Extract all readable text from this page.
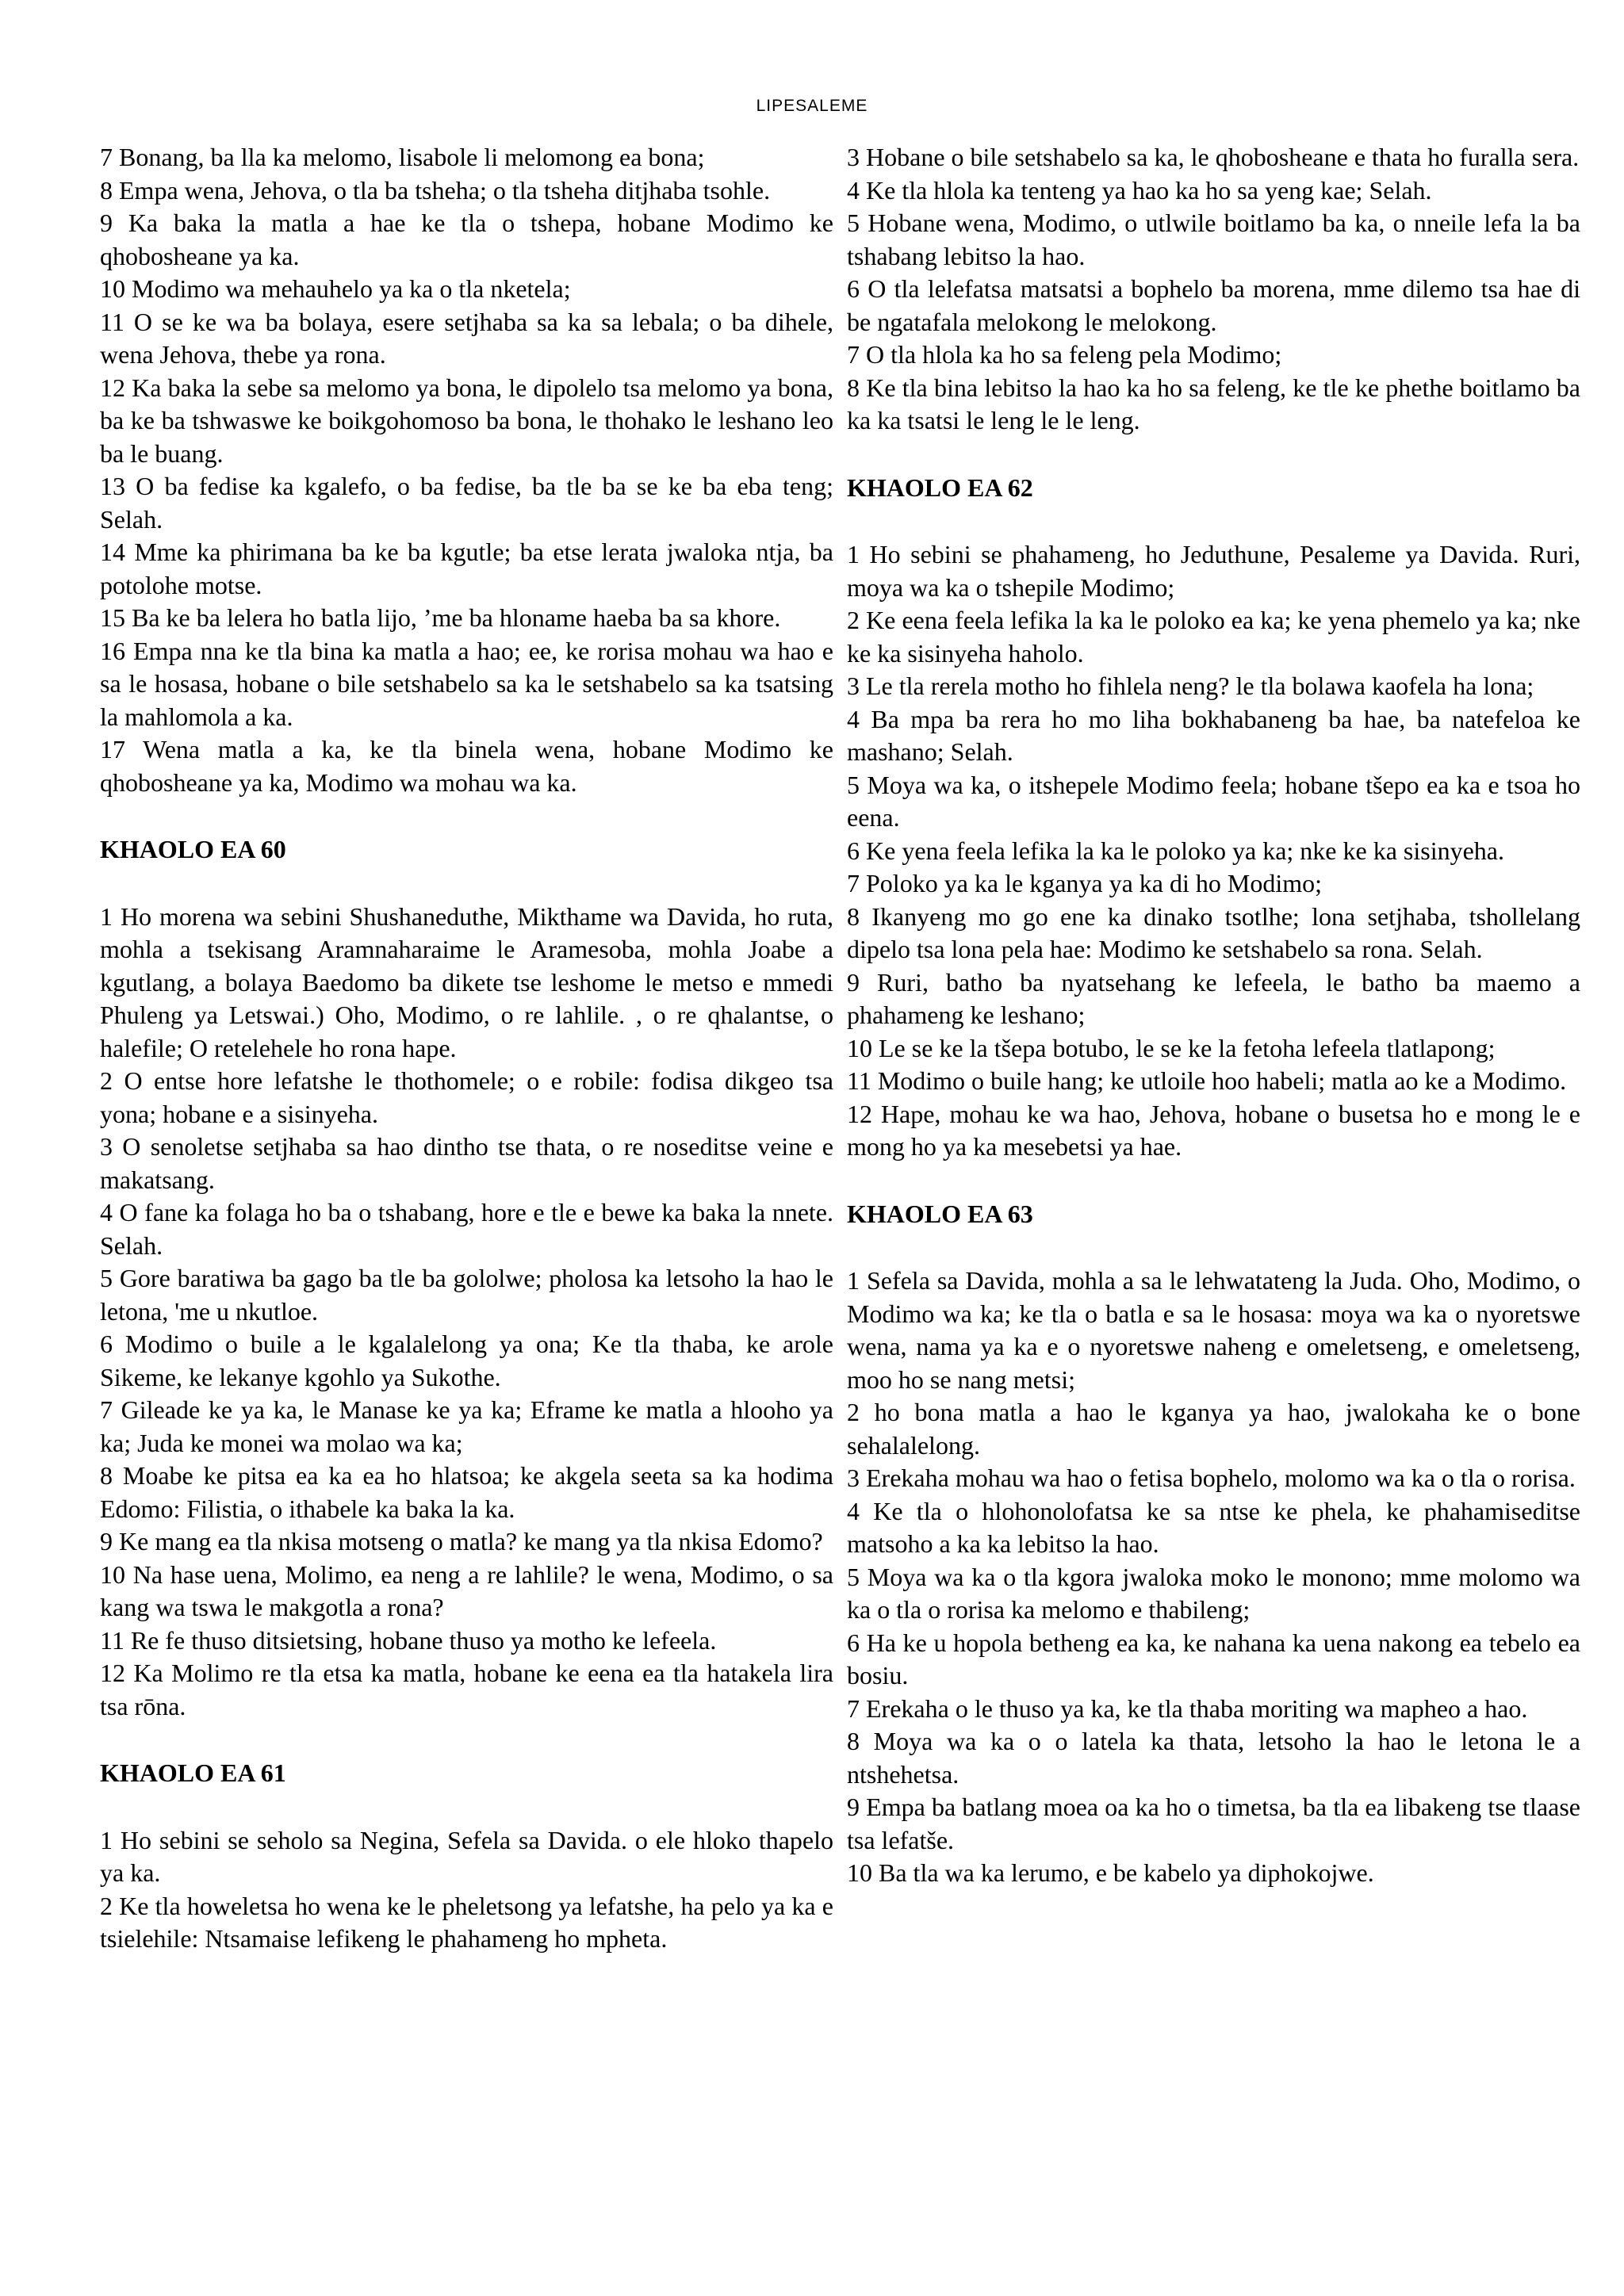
LIPESALEME

7 Bonang, ba lla ka melomo, lisabole li melomong ea bona;

8 Empa wena, Jehova, o tla ba tsheha; o tla tsheha ditjhaba tsohle.

9 Ka baka la matla a hae ke tla o tshepa, hobane Modimo ke qhobosheane ya ka.

10 Modimo wa mehauhelo ya ka o tla nketela;

11 O se ke wa ba bolaya, esere setjhaba sa ka sa lebala; o ba dihele, wena Jehova, thebe ya rona.

12 Ka baka la sebe sa melomo ya bona, le dipolelo tsa melomo ya bona, ba ke ba tshwaswe ke boikgohomoso ba bona, le thohako le leshano leo ba le buang.

13 O ba fedise ka kgalefo, o ba fedise, ba tle ba se ke ba eba teng; Selah.

14 Mme ka phirimana ba ke ba kgutle; ba etse lerata jwaloka ntja, ba potolohe motse.

15 Ba ke ba lelera ho batla lijo, ’me ba hloname haeba ba sa khore.

16 Empa nna ke tla bina ka matla a hao; ee, ke rorisa mohau wa hao e sa le hosasa, hobane o bile setshabelo sa ka le setshabelo sa ka tsatsing la mahlomola a ka.

17 Wena matla a ka, ke tla binela wena, hobane Modimo ke qhobosheane ya ka, Modimo wa mohau wa ka.

KHAOLO EA 60

1 Ho morena wa sebini Shushaneduthe, Mikthame wa Davida, ho ruta, mohla a tsekisang Aramnaharaime le Aramesoba, mohla Joabe a kgutlang, a bolaya Baedomo ba dikete tse leshome le metso e mmedi Phuleng ya Letswai.) Oho, Modimo, o re lahlile. , o re qhalantse, o halefile; O retelehele ho rona hape.

2 O entse hore lefatshe le thothomele; o e robile: fodisa dikgeo tsa yona; hobane e a sisinyeha.

3 O senoletse setjhaba sa hao dintho tse thata, o re noseditse veine e makatsang.

4 O fane ka folaga ho ba o tshabang, hore e tle e bewe ka baka la nnete. Selah.

5 Gore baratiwa ba gago ba tle ba gololwe; pholosa ka letsoho la hao le letona, 'me u nkutloe.

6 Modimo o buile a le kgalalelong ya ona; Ke tla thaba, ke arole Sikeme, ke lekanye kgohlo ya Sukothe.

7 Gileade ke ya ka, le Manase ke ya ka; Eframe ke matla a hlooho ya ka; Juda ke monei wa molao wa ka;

8 Moabe ke pitsa ea ka ea ho hlatsoa; ke akgela seeta sa ka hodima Edomo: Filistia, o ithabele ka baka la ka.

9 Ke mang ea tla nkisa motseng o matla? ke mang ya tla nkisa Edomo?

10 Na hase uena, Molimo, ea neng a re lahlile? le wena, Modimo, o sa kang wa tswa le makgotla a rona?

11 Re fe thuso ditsietsing, hobane thuso ya motho ke lefeela.

12 Ka Molimo re tla etsa ka matla, hobane ke eena ea tla hatakela lira tsa rōna.

KHAOLO EA 61

1 Ho sebini se seholo sa Negina, Sefela sa Davida. o ele hloko thapelo ya ka.

2 Ke tla howeletsa ho wena ke le pheletsong ya lefatshe, ha pelo ya ka e tsielehile: Ntsamaise lefikeng le phahameng ho mpheta.

3 Hobane o bile setshabelo sa ka, le qhobosheane e thata ho furalla sera.

4 Ke tla hlola ka tenteng ya hao ka ho sa yeng kae; Selah.

5 Hobane wena, Modimo, o utlwile boitlamo ba ka, o nneile lefa la ba tshabang lebitso la hao.

6 O tla lelefatsa matsatsi a bophelo ba morena, mme dilemo tsa hae di be ngatafala melokong le melokong.

7 O tla hlola ka ho sa feleng pela Modimo;

8 Ke tla bina lebitso la hao ka ho sa feleng, ke tle ke phethe boitlamo ba ka ka tsatsi le leng le le leng.

KHAOLO EA 62

1 Ho sebini se phahameng, ho Jeduthune, Pesaleme ya Davida. Ruri, moya wa ka o tshepile Modimo;

2 Ke eena feela lefika la ka le poloko ea ka; ke yena phemelo ya ka; nke ke ka sisinyeha haholo.

3 Le tla rerela motho ho fihlela neng? le tla bolawa kaofela ha lona;

4 Ba mpa ba rera ho mo liha bokhabaneng ba hae, ba natefeloa ke mashano; Selah.

5 Moya wa ka, o itshepele Modimo feela; hobane tšepo ea ka e tsoa ho eena.

6 Ke yena feela lefika la ka le poloko ya ka; nke ke ka sisinyeha.

7 Poloko ya ka le kganya ya ka di ho Modimo;

8 Ikanyeng mo go ene ka dinako tsotlhe; lona setjhaba, tshollelang dipelo tsa lona pela hae: Modimo ke setshabelo sa rona. Selah.

9 Ruri, batho ba nyatsehang ke lefeela, le batho ba maemo a phahameng ke leshano;

10 Le se ke la tšepa botubo, le se ke la fetoha lefeela tlatlapong;

11 Modimo o buile hang; ke utloile hoo habeli; matla ao ke a Modimo.

12 Hape, mohau ke wa hao, Jehova, hobane o busetsa ho e mong le e mong ho ya ka mesebetsi ya hae.

KHAOLO EA 63

1 Sefela sa Davida, mohla a sa le lehwatateng la Juda. Oho, Modimo, o Modimo wa ka; ke tla o batla e sa le hosasa: moya wa ka o nyoretswe wena, nama ya ka e o nyoretswe naheng e omeletseng, e omeletseng, moo ho se nang metsi;

2 ho bona matla a hao le kganya ya hao, jwalokaha ke o bone sehalalelong.

3 Erekaha mohau wa hao o fetisa bophelo, molomo wa ka o tla o rorisa.

4 Ke tla o hlohonolofatsa ke sa ntse ke phela, ke phahamiseditse matsoho a ka ka lebitso la hao.

5 Moya wa ka o tla kgora jwaloka moko le monono; mme molomo wa ka o tla o rorisa ka melomo e thabileng;

6 Ha ke u hopola betheng ea ka, ke nahana ka uena nakong ea tebelo ea bosiu.

7 Erekaha o le thuso ya ka, ke tla thaba moriting wa mapheo a hao.

8 Moya wa ka o o latela ka thata, letsoho la hao le letona le a ntshehetsa.

9 Empa ba batlang moea oa ka ho o timetsa, ba tla ea libakeng tse tlaase tsa lefatše.

10 Ba tla wa ka lerumo, e be kabelo ya diphokojwe.
